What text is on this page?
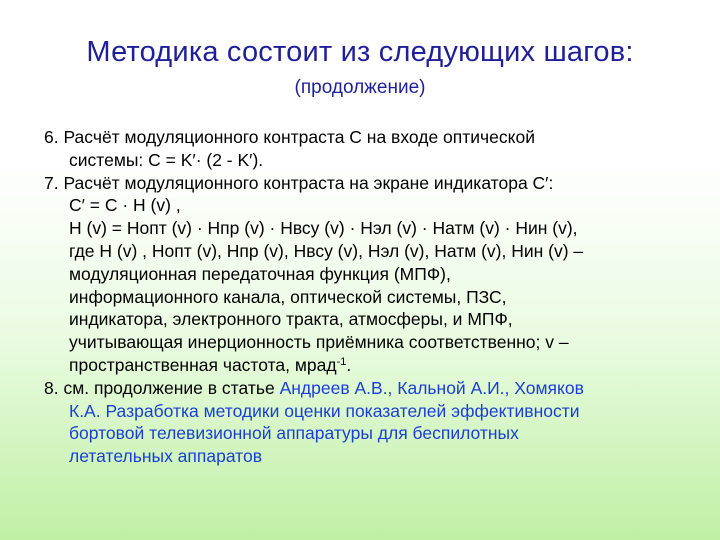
Методика состоит из следующих шагов:
(продолжение)
6. Расчёт модуляционного контраста С на входе оптической
системы: С = K′· (2 - K′).
7. Расчёт модуляционного контраста на экране индикатора C′:
C′ = C · H (v) ,
H (v) = Hопт (v) · Hпр (v) · Hвсу (v) · Hэл (v) · Hатм (v) · Hин (v),
где H (v) , Hопт (v), Hпр (v), Hвсу (v), Hэл (v), Hатм (v), Hин (v) –
модуляционная передаточная функция (МПФ),
информационного канала, оптической системы, ПЗС,
индикатора, электронного тракта, атмосферы, и МПФ,
учитывающая инерционность приёмника соответственно; v –
пространственная частота, мрад$^{-1}$.
8. см. продолжение в статье Андреев А.В., Кальной А.И., Хомяков
К.А. Разработка методики оценки показателей эффективности
бортовой телевизионной аппаратуры для беспилотных
летательных аппаратов
